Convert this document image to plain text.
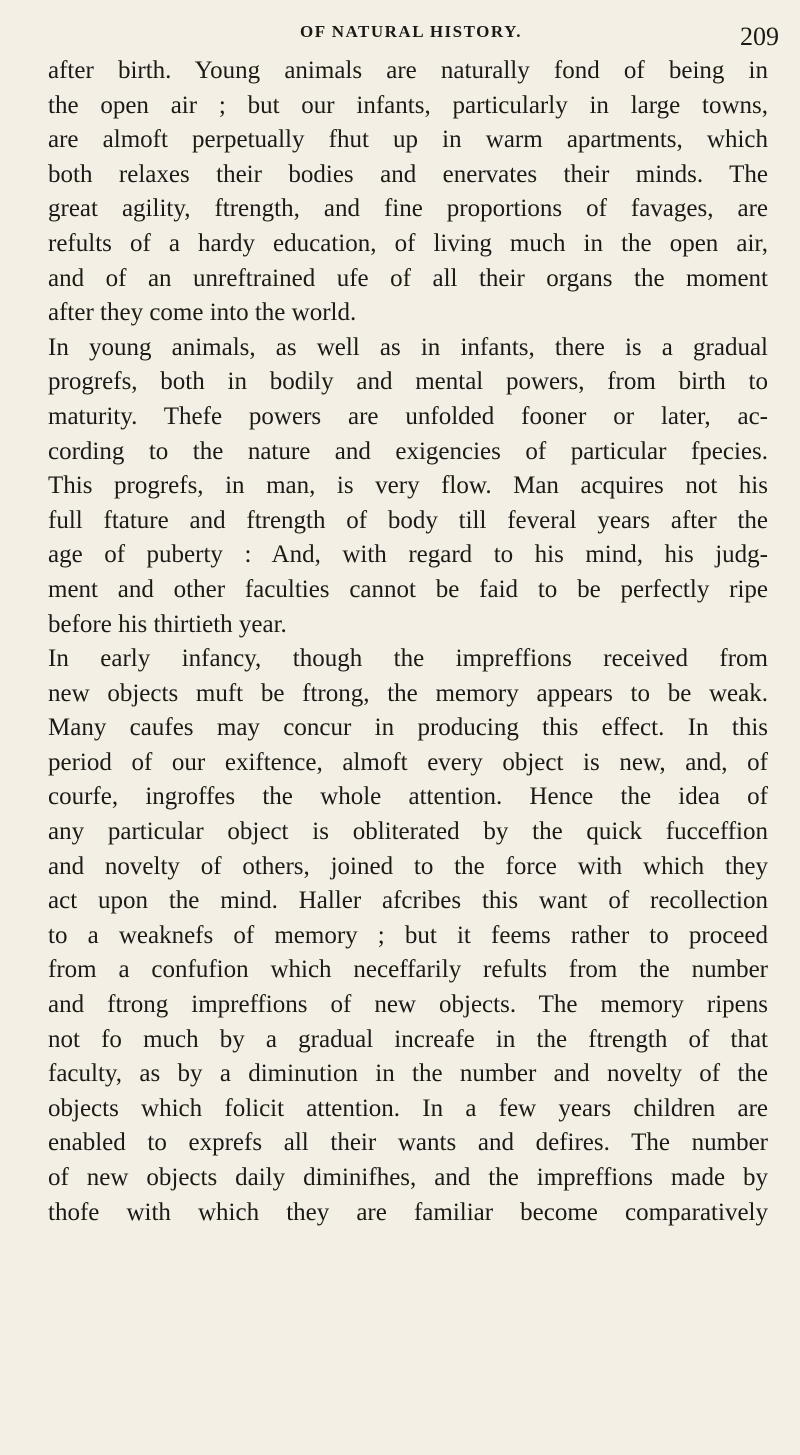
OF NATURAL HISTORY.	209
after birth. Young animals are naturally fond of being in
the open air ; but our infants, particularly in large towns,
are almoft perpetually fhut up in warm apartments, which
both relaxes their bodies and enervates their minds. The
great agility, ftrength, and fine proportions of favages, are
refults of a hardy education, of living much in the open air,
and of an unreftrained ufe of all their organs the moment
after they come into the world.
In young animals, as well as in infants, there is a gradual
progrefs, both in bodily and mental powers, from birth to
maturity. Thefe powers are unfolded fooner or later, ac-
cording to the nature and exigencies of particular fpecies.
This progrefs, in man, is very flow. Man acquires not his
full ftature and ftrength of body till feveral years after the
age of puberty : And, with regard to his mind, his judg-
ment and other faculties cannot be faid to be perfectly ripe
before his thirtieth year.
In early infancy, though the impreffions received from
new objects muft be ftrong, the memory appears to be weak.
Many caufes may concur in producing this effect. In this
period of our exiftence, almoft every object is new, and, of
courfe, ingroffes the whole attention. Hence the idea of
any particular object is obliterated by the quick fucceffion
and novelty of others, joined to the force with which they
act upon the mind. Haller afcribes this want of recollection
to a weaknefs of memory ; but it feems rather to proceed
from a confufion which neceffarily refults from the number
and ftrong impreffions of new objects. The memory ripens
not fo much by a gradual increafe in the ftrength of that
faculty, as by a diminution in the number and novelty of the
objects which folicit attention. In a few years children are
enabled to exprefs all their wants and defires. The number
of new objects daily diminifhes, and the impreffions made by
thofe with which they are familiar become comparatively
